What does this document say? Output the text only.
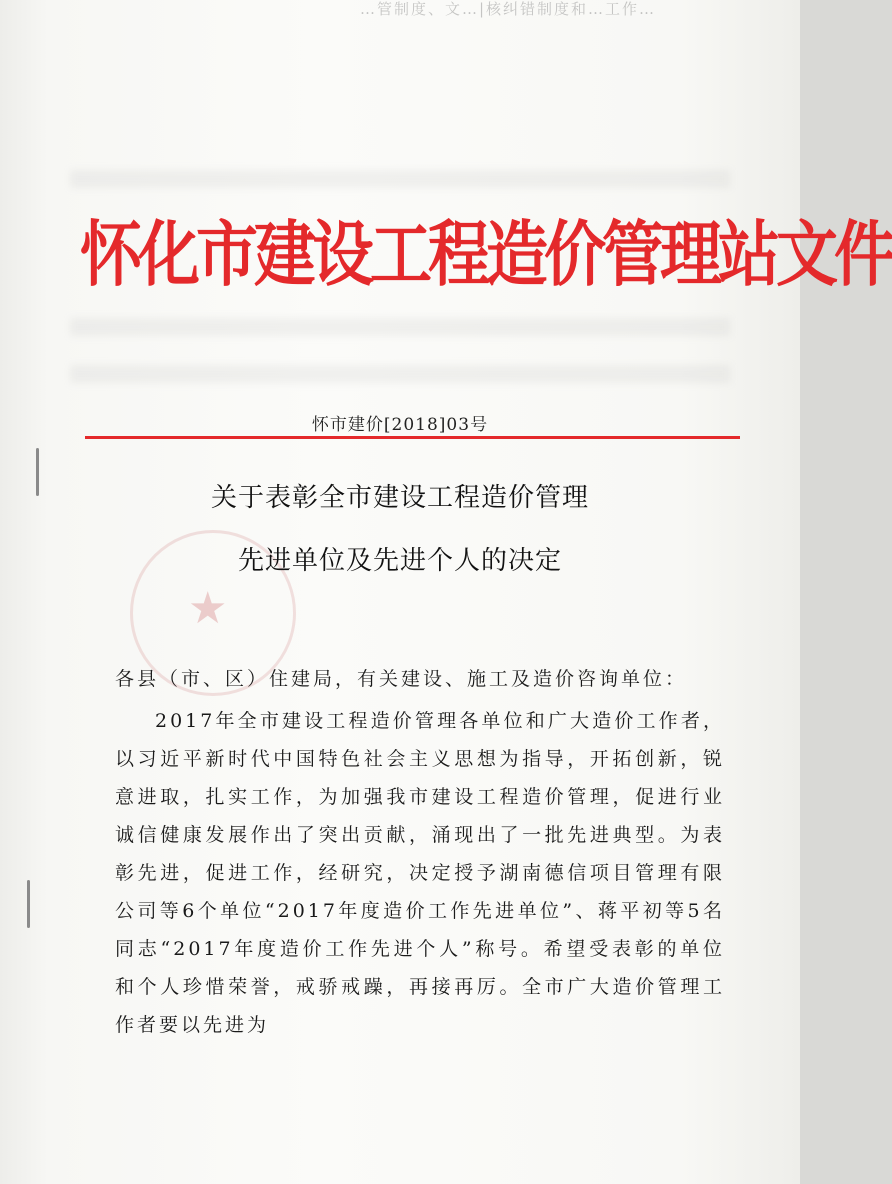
…管制度、文…|核纠错制度和…工作…
怀化市建设工程造价管理站文件
怀市建价[2018]03号
★
关于表彰全市建设工程造价管理
先进单位及先进个人的决定
各县（市、区）住建局，有关建设、施工及造价咨询单位：
2017年全市建设工程造价管理各单位和广大造价工作者，以习近平新时代中国特色社会主义思想为指导，开拓创新，锐意进取，扎实工作，为加强我市建设工程造价管理，促进行业诚信健康发展作出了突出贡献，涌现出了一批先进典型。为表彰先进，促进工作，经研究，决定授予湖南德信项目管理有限公司等6个单位“2017年度造价工作先进单位”、蒋平初等5名同志“2017年度造价工作先进个人”称号。希望受表彰的单位和个人珍惜荣誉，戒骄戒躁，再接再厉。全市广大造价管理工作者要以先进为
